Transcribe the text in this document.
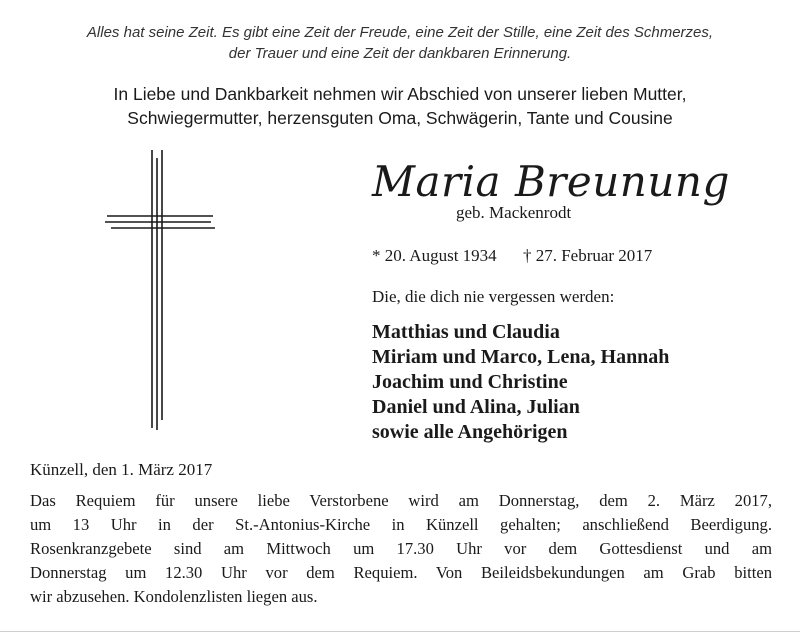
Alles hat seine Zeit. Es gibt eine Zeit der Freude, eine Zeit der Stille, eine Zeit des Schmerzes,
der Trauer und eine Zeit der dankbaren Erinnerung.
In Liebe und Dankbarkeit nehmen wir Abschied von unserer lieben Mutter,
Schwiegermutter, herzensguten Oma, Schwägerin, Tante und Cousine
Maria Breunung
geb. Mackenrodt
* 20. August 1934 † 27. Februar 2017
Die, die dich nie vergessen werden:
Matthias und Claudia
Miriam und Marco, Lena, Hannah
Joachim und Christine
Daniel und Alina, Julian
sowie alle Angehörigen
Künzell, den 1. März 2017
Das Requiem für unsere liebe Verstorbene wird am Donnerstag, dem 2. März 2017,
um 13 Uhr in der St.-Antonius-Kirche in Künzell gehalten; anschließend Beerdigung.
Rosenkranzgebete sind am Mittwoch um 17.30 Uhr vor dem Gottesdienst und am
Donnerstag um 12.30 Uhr vor dem Requiem. Von Beileidsbekundungen am Grab bitten
wir abzusehen. Kondolenzlisten liegen aus.
